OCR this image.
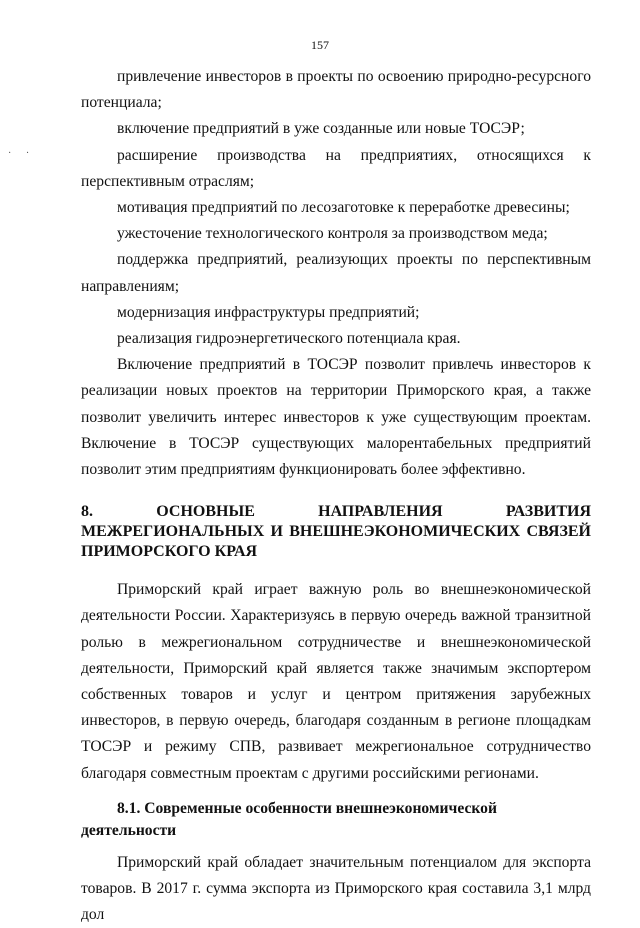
157
· ·

привлечение инвесторов в проекты по освоению природно-ресурсного потенциала;

включение предприятий в уже созданные или новые ТОСЭР;

расширение производства на предприятиях, относящихся к перспективным отраслям;

мотивация предприятий по лесозаготовке к переработке древесины;

ужесточение технологического контроля за производством меда;

поддержка предприятий, реализующих проекты по перспективным направлениям;

модернизация инфраструктуры предприятий;

реализация гидроэнергетического потенциала края.

Включение предприятий в ТОСЭР позволит привлечь инвесторов к реализации новых проектов на территории Приморского края, а также позволит увеличить интерес инвесторов к уже существующим проектам. Включение в ТОСЭР существующих малорентабельных предприятий позволит этим предприятиям функционировать более эффективно.

8. ОСНОВНЫЕ НАПРАВЛЕНИЯ РАЗВИТИЯ МЕЖРЕГИОНАЛЬНЫХ И ВНЕШНЕЭКОНОМИЧЕСКИХ СВЯЗЕЙ ПРИМОРСКОГО КРАЯ

Приморский край играет важную роль во внешнеэкономической деятельности России. Характеризуясь в первую очередь важной транзитной ролью в межрегиональном сотрудничестве и внешнеэкономической деятельности, Приморский край является также значимым экспортером собственных товаров и услуг и центром притяжения зарубежных инвесторов, в первую очередь, благодаря созданным в регионе площадкам ТОСЭР и режиму СПВ, развивает межрегиональное сотрудничество благодаря совместным проектам с другими российскими регионами.

8.1. Современные особенности внешнеэкономической деятельности

Приморский край обладает значительным потенциалом для экспорта товаров. В 2017 г. сумма экспорта из Приморского края составила 3,1 млрд дол
